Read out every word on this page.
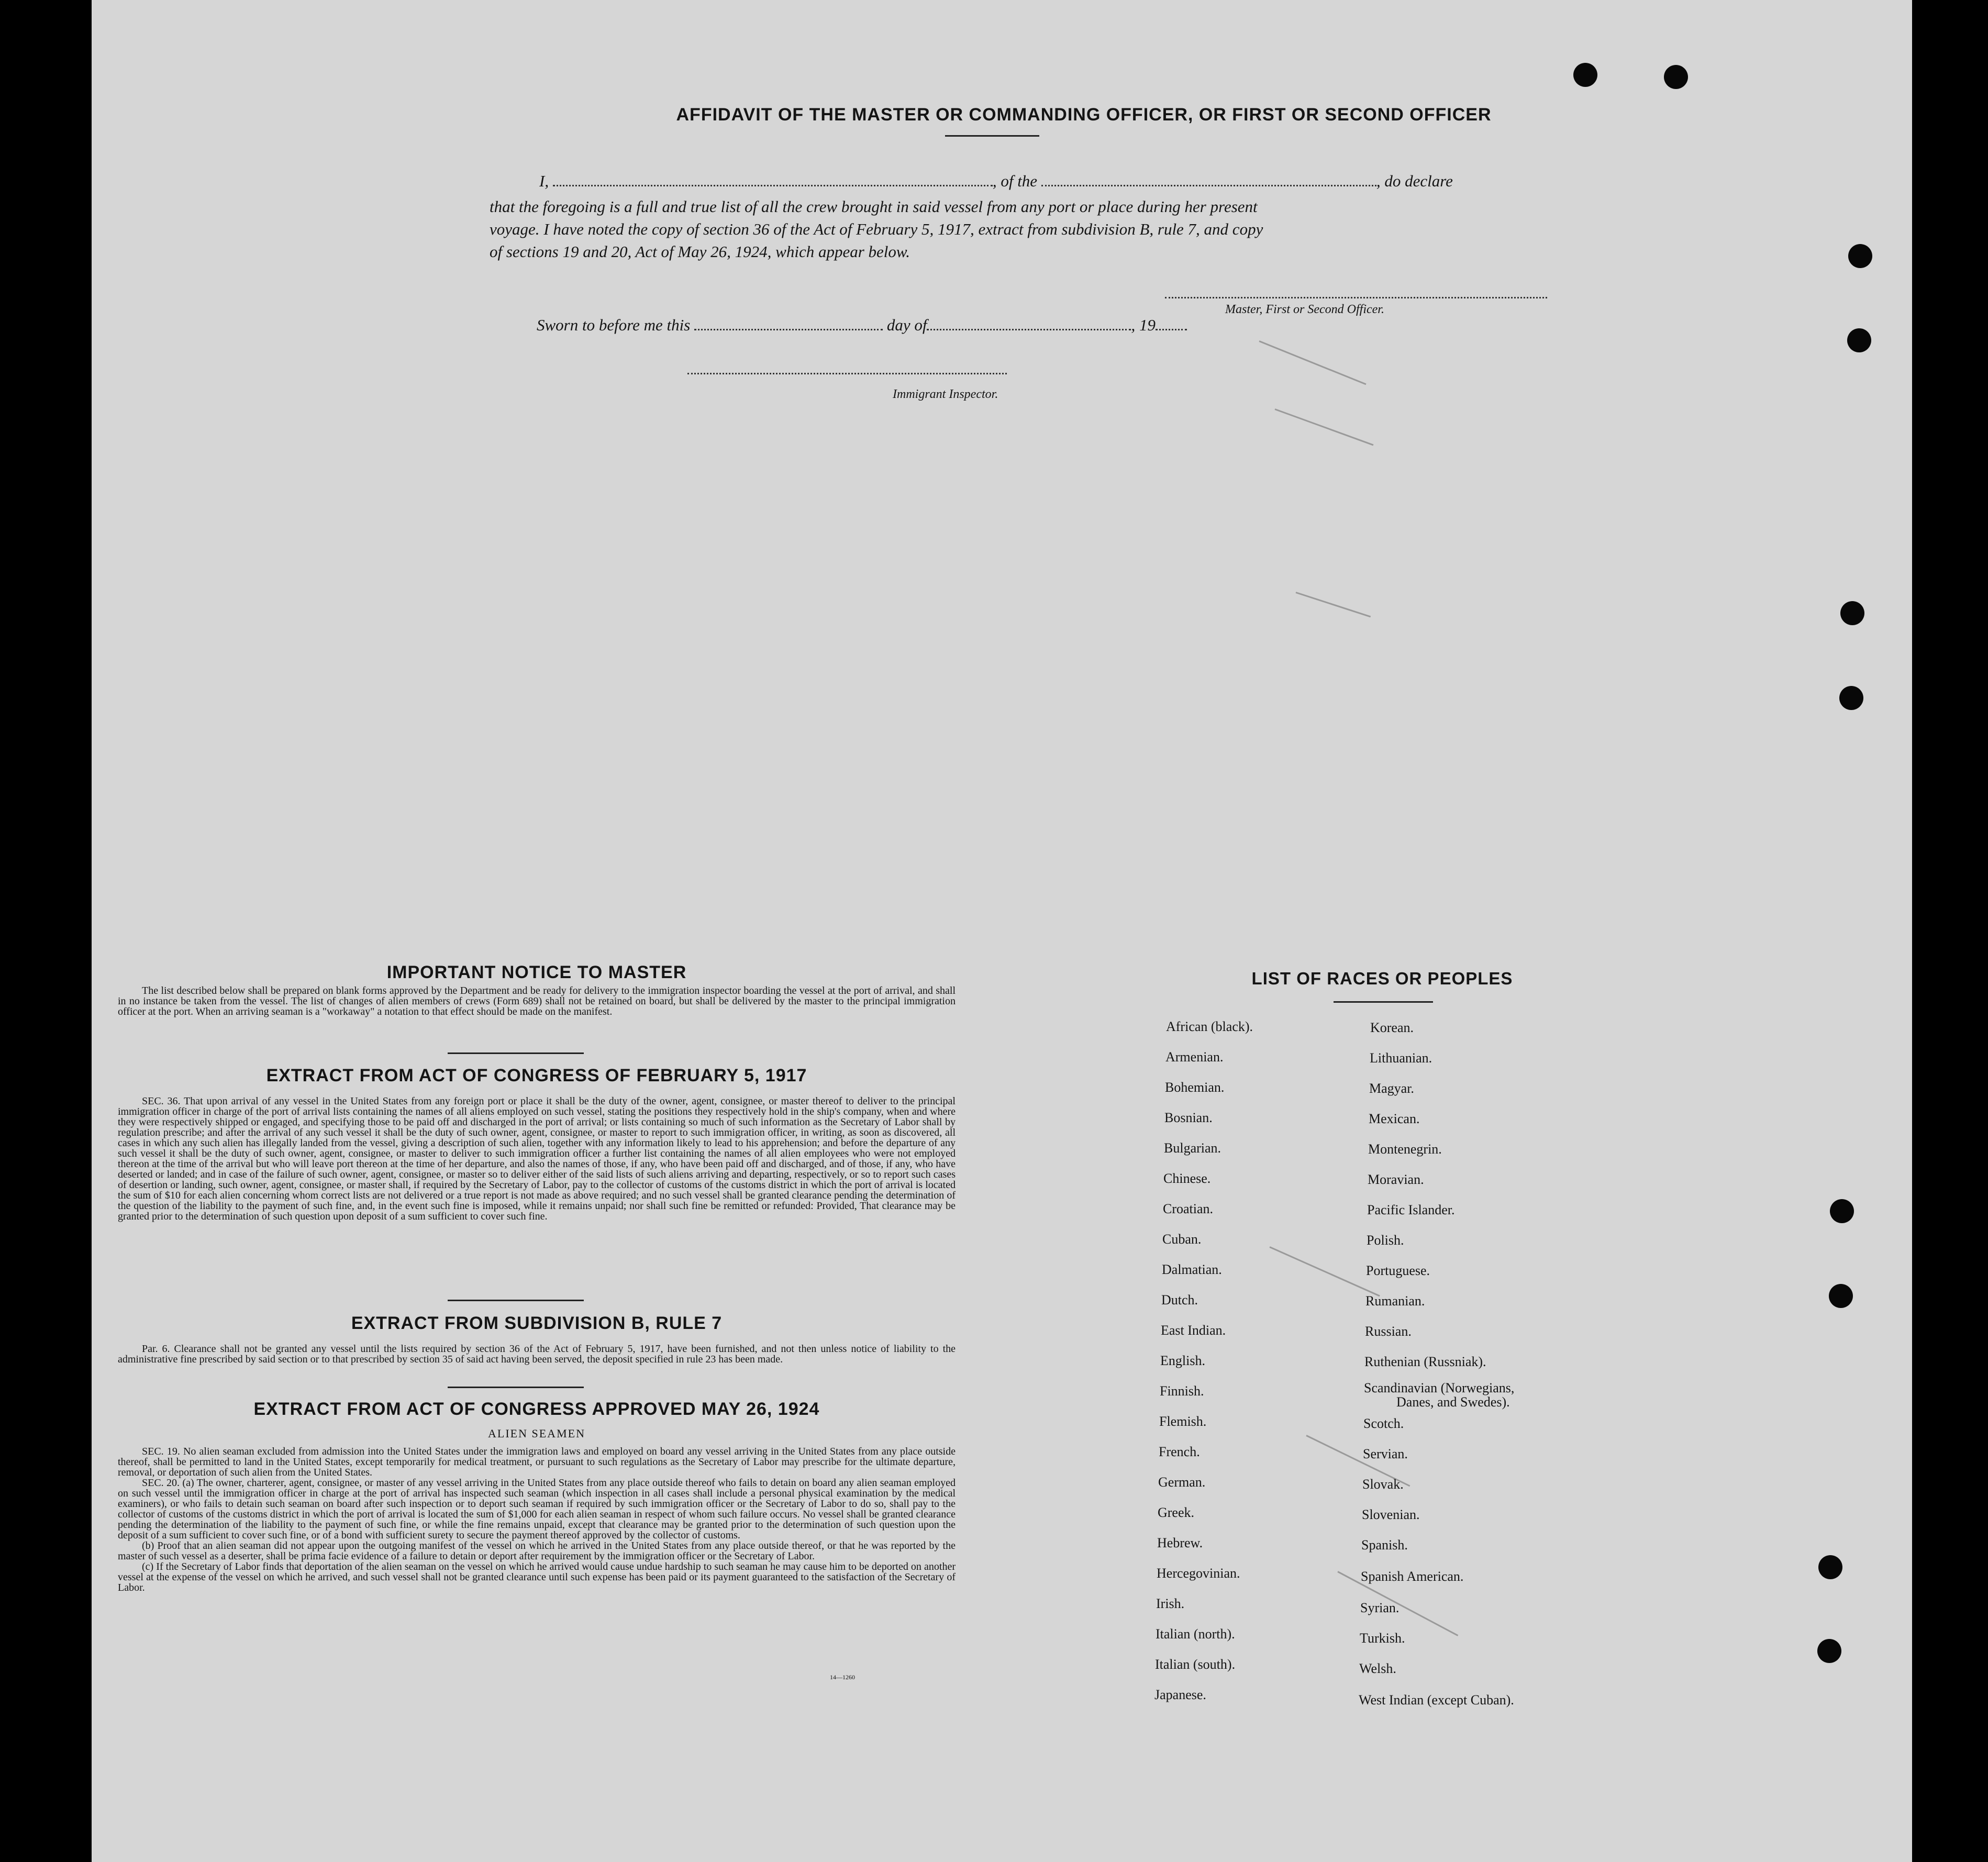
AFFIDAVIT OF THE MASTER OR COMMANDING OFFICER, OR FIRST OR SECOND OFFICER
I,	, of the	, do declare
that the foregoing is a full and true list of all the crew brought in said vessel from any port or place during her present
voyage. I have noted the copy of section 36 of the Act of February 5, 1917, extract from subdivision B, rule 7, and copy
of sections 19 and 20, Act of May 26, 1924, which appear below.
Master, First or Second Officer.
Sworn to before me this	day of	, 19
Immigrant Inspector.
IMPORTANT NOTICE TO MASTER

The list described below shall be prepared on blank forms approved by the Department and be ready for delivery to the immigration inspector boarding the vessel at the port of arrival, and shall in no instance be taken from the vessel. The list of changes of alien members of crews (Form 689) shall not be retained on board, but shall be delivered by the master to the principal immigration officer at the port. When an arriving seaman is a "workaway" a notation to that effect should be made on the manifest.

EXTRACT FROM ACT OF CONGRESS OF FEBRUARY 5, 1917

SEC. 36. That upon arrival of any vessel in the United States from any foreign port or place it shall be the duty of the owner, agent, consignee, or master thereof to deliver to the principal immigration officer in charge of the port of arrival lists containing the names of all aliens employed on such vessel, stating the positions they respectively hold in the ship's company, when and where they were respectively shipped or engaged, and specifying those to be paid off and discharged in the port of arrival; or lists containing so much of such information as the Secretary of Labor shall by regulation prescribe; and after the arrival of any such vessel it shall be the duty of such owner, agent, consignee, or master to report to such immigration officer, in writing, as soon as discovered, all cases in which any such alien has illegally landed from the vessel, giving a description of such alien, together with any information likely to lead to his apprehension; and before the departure of any such vessel it shall be the duty of such owner, agent, consignee, or master to deliver to such immigration officer a further list containing the names of all alien employees who were not employed thereon at the time of the arrival but who will leave port thereon at the time of her departure, and also the names of those, if any, who have been paid off and discharged, and of those, if any, who have deserted or landed; and in case of the failure of such owner, agent, consignee, or master so to deliver either of the said lists of such aliens arriving and departing, respectively, or so to report such cases of desertion or landing, such owner, agent, consignee, or master shall, if required by the Secretary of Labor, pay to the collector of customs of the customs district in which the port of arrival is located the sum of $10 for each alien concerning whom correct lists are not delivered or a true report is not made as above required; and no such vessel shall be granted clearance pending the determination of the question of the liability to the payment of such fine, and, in the event such fine is imposed, while it remains unpaid; nor shall such fine be remitted or refunded: Provided, That clearance may be granted prior to the determination of such question upon deposit of a sum sufficient to cover such fine.

EXTRACT FROM SUBDIVISION B, RULE 7

Par. 6. Clearance shall not be granted any vessel until the lists required by section 36 of the Act of February 5, 1917, have been furnished, and not then unless notice of liability to the administrative fine prescribed by said section or to that prescribed by section 35 of said act having been served, the deposit specified in rule 23 has been made.

EXTRACT FROM ACT OF CONGRESS APPROVED MAY 26, 1924
ALIEN SEAMEN

SEC. 19. No alien seaman excluded from admission into the United States under the immigration laws and employed on board any vessel arriving in the United States from any place outside thereof, shall be permitted to land in the United States, except temporarily for medical treatment, or pursuant to such regulations as the Secretary of Labor may prescribe for the ultimate departure, removal, or deportation of such alien from the United States.

SEC. 20. (a) The owner, charterer, agent, consignee, or master of any vessel arriving in the United States from any place outside thereof who fails to detain on board any alien seaman employed on such vessel until the immigration officer in charge at the port of arrival has inspected such seaman (which inspection in all cases shall include a personal physical examination by the medical examiners), or who fails to detain such seaman on board after such inspection or to deport such seaman if required by such immigration officer or the Secretary of Labor to do so, shall pay to the collector of customs of the customs district in which the port of arrival is located the sum of $1,000 for each alien seaman in respect of whom such failure occurs. No vessel shall be granted clearance pending the determination of the liability to the payment of such fine, or while the fine remains unpaid, except that clearance may be granted prior to the determination of such question upon the deposit of a sum sufficient to cover such fine, or of a bond with sufficient surety to secure the payment thereof approved by the collector of customs.

(b) Proof that an alien seaman did not appear upon the outgoing manifest of the vessel on which he arrived in the United States from any place outside thereof, or that he was reported by the master of such vessel as a deserter, shall be prima facie evidence of a failure to detain or deport after requirement by the immigration officer or the Secretary of Labor.

(c) If the Secretary of Labor finds that deportation of the alien seaman on the vessel on which he arrived would cause undue hardship to such seaman he may cause him to be deported on another vessel at the expense of the vessel on which he arrived, and such vessel shall not be granted clearance until such expense has been paid or its payment guaranteed to the satisfaction of the Secretary of Labor.

14—1260
LIST OF RACES OR PEOPLES
African (black).
Armenian.
Bohemian.
Bosnian.
Bulgarian.
Chinese.
Croatian.
Cuban.
Dalmatian.
Dutch.
East Indian.
English.
Finnish.
Flemish.
French.
German.
Greek.
Hebrew.
Hercegovinian.
Irish.
Italian (north).
Italian (south).
Japanese.
Korean.
Lithuanian.
Magyar.
Mexican.
Montenegrin.
Moravian.
Pacific Islander.
Polish.
Portuguese.
Rumanian.
Russian.
Ruthenian (Russniak).
Scandinavian (Norwegians,
Danes, and Swedes).
Scotch.
Servian.
Slovak.
Slovenian.
Spanish.
Spanish American.
Syrian.
Turkish.
Welsh.
West Indian (except Cuban).
